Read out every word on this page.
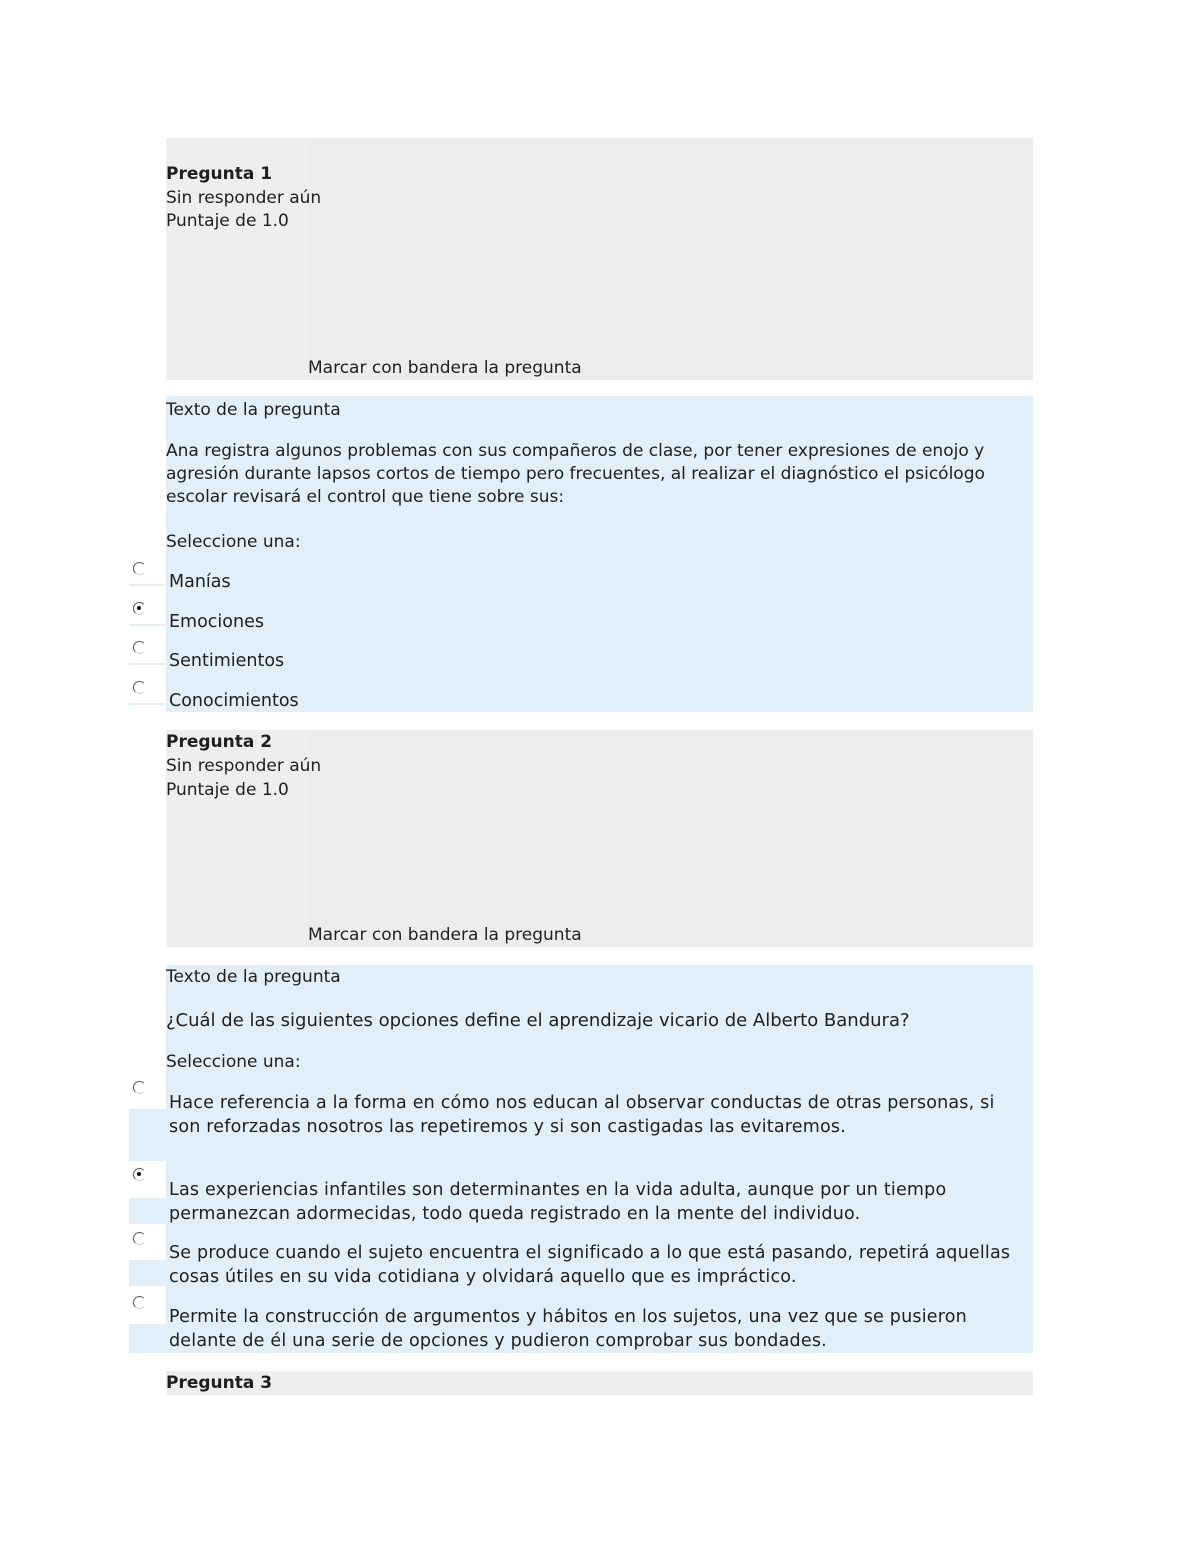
Pregunta 1
Sin responder aún
Puntaje de 1.0
Marcar con bandera la pregunta
Texto de la pregunta
Ana registra algunos problemas con sus compañeros de clase, por tener expresiones de enojo y agresión durante lapsos cortos de tiempo pero frecuentes, al realizar el diagnóstico el psicólogo escolar revisará el control que tiene sobre sus:
Seleccione una:
Manías
Emociones
Sentimientos
Conocimientos
Pregunta 2
Sin responder aún
Puntaje de 1.0
Marcar con bandera la pregunta
Texto de la pregunta
¿Cuál de las siguientes opciones define el aprendizaje vicario de Alberto Bandura?
Seleccione una:
Hace referencia a la forma en cómo nos educan al observar conductas de otras personas, si son reforzadas nosotros las repetiremos y si son castigadas las evitaremos.
Las experiencias infantiles son determinantes en la vida adulta, aunque por un tiempo permanezcan adormecidas, todo queda registrado en la mente del individuo.
Se produce cuando el sujeto encuentra el significado a lo que está pasando, repetirá aquellas cosas útiles en su vida cotidiana y olvidará aquello que es impráctico.
Permite la construcción de argumentos y hábitos en los sujetos, una vez que se pusieron delante de él una serie de opciones y pudieron comprobar sus bondades.
Pregunta 3
